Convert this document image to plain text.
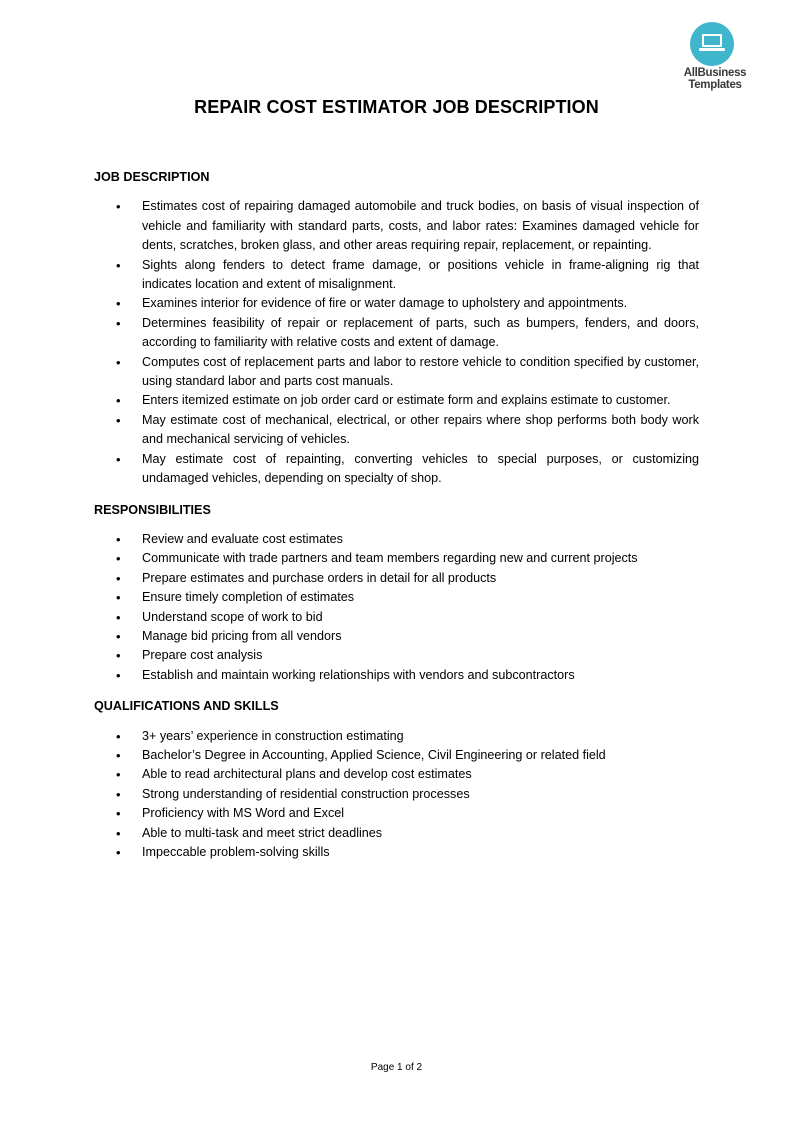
AllBusiness
Templates
REPAIR COST ESTIMATOR JOB DESCRIPTION
JOB DESCRIPTION
• Estimates cost of repairing damaged automobile and truck bodies, on basis of visual inspection of vehicle and familiarity with standard parts, costs, and labor rates: Examines damaged vehicle for dents, scratches, broken glass, and other areas requiring repair, replacement, or repainting.
• Sights along fenders to detect frame damage, or positions vehicle in frame-aligning rig that indicates location and extent of misalignment.
• Examines interior for evidence of fire or water damage to upholstery and appointments.
• Determines feasibility of repair or replacement of parts, such as bumpers, fenders, and doors, according to familiarity with relative costs and extent of damage.
• Computes cost of replacement parts and labor to restore vehicle to condition specified by customer, using standard labor and parts cost manuals.
• Enters itemized estimate on job order card or estimate form and explains estimate to customer.
• May estimate cost of mechanical, electrical, or other repairs where shop performs both body work and mechanical servicing of vehicles.
• May estimate cost of repainting, converting vehicles to special purposes, or customizing undamaged vehicles, depending on specialty of shop.
RESPONSIBILITIES
• Review and evaluate cost estimates
• Communicate with trade partners and team members regarding new and current projects
• Prepare estimates and purchase orders in detail for all products
• Ensure timely completion of estimates
• Understand scope of work to bid
• Manage bid pricing from all vendors
• Prepare cost analysis
• Establish and maintain working relationships with vendors and subcontractors
QUALIFICATIONS AND SKILLS
• 3+ years’ experience in construction estimating
• Bachelor’s Degree in Accounting, Applied Science, Civil Engineering or related field
• Able to read architectural plans and develop cost estimates
• Strong understanding of residential construction processes
• Proficiency with MS Word and Excel
• Able to multi-task and meet strict deadlines
• Impeccable problem-solving skills
Page 1 of 2
